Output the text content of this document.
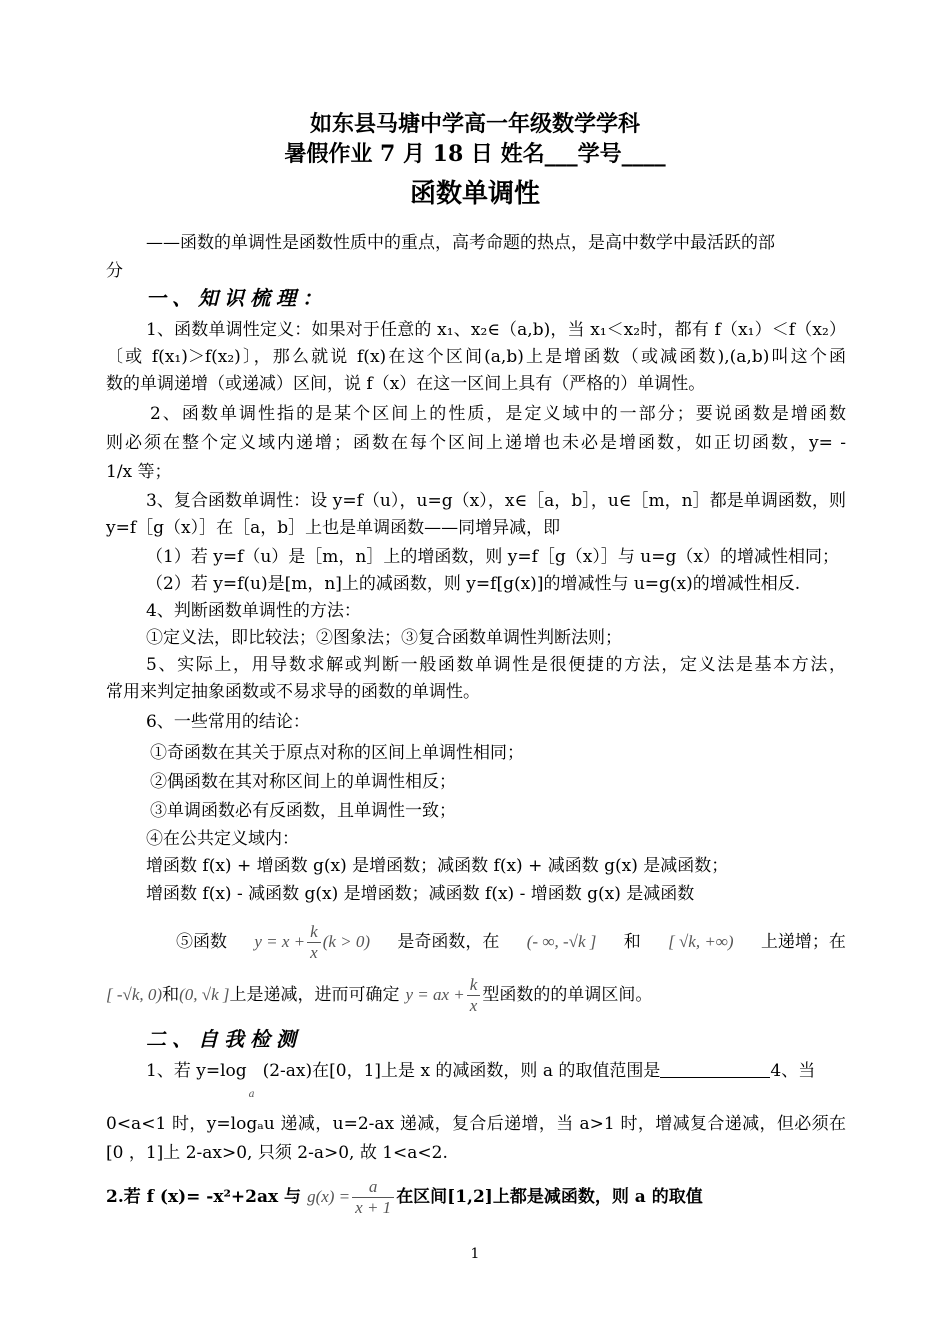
如东县马塘中学高一年级数学学科
暑假作业 7 月 18 日 姓名___学号____
函数单调性
——函数的单调性是函数性质中的重点，高考命题的热点，是高中数学中最活跃的部
分
一、知识梳理：
1、函数单调性定义：如果对于任意的 x₁、x₂∈（a,b)，当 x₁＜x₂时，都有 f（x₁）＜f（x₂）
〔或 f(x₁)＞f(x₂)〕，那么就说 f(x)在这个区间(a,b)上是增函数（或减函数),(a,b)叫这个函
数的单调递增（或递减）区间，说 f（x）在这一区间上具有（严格的）单调性。
2、函数单调性指的是某个区间上的性质，是定义域中的一部分；要说函数是增函数
则必须在整个定义域内递增；函数在每个区间上递增也未必是增函数，如正切函数，y= -
1/x 等；
3、复合函数单调性：设 y=f（u），u=g（x），x∈［a，b］，u∈［m，n］都是单调函数，则
y=f［g（x）］在［a，b］上也是单调函数——同增异减，即
（1）若 y=f（u）是［m，n］上的增函数，则 y=f［g（x）］与 u=g（x）的增减性相同；
（2）若 y=f(u)是[m，n]上的减函数，则 y=f[g(x)]的增减性与 u=g(x)的增减性相反.
4、判断函数单调性的方法：
①定义法，即比较法；②图象法；③复合函数单调性判断法则；
5、实际上，用导数求解或判断一般函数单调性是很便捷的方法，定义法是基本方法，
常用来判定抽象函数或不易求导的函数的单调性。
6、一些常用的结论：
①奇函数在其关于原点对称的区间上单调性相同；
②偶函数在其对称区间上的单调性相反；
③单调函数必有反函数，且单调性一致；
④在公共定义域内：
增函数 f(x) + 增函数 g(x) 是增函数；减函数 f(x) + 减函数 g(x) 是减函数；
增函数 f(x) - 减函数 g(x) 是增函数；减函数 f(x) - 增函数 g(x) 是减函数
⑤函数 $y = x + \frac{k}{x} (k > 0)$ 是奇函数，在 (- ∞, -√k ] 和 [ √k, +∞) 上递增；在
[ -√k, 0) 和 (0, √k ] 上是递减，进而可确定 y = ax + $\frac{k}{x}$ 型函数的的单调区间。
二、自我检测
1、若 y=log
a
(2-ax)在[0，1]上是 x 的减函数，则 a 的取值范围是	4、当
0<a<1 时，y=logₐu 递减，u=2-ax 递减，复合后递增，当 a>1 时，增减复合递减，但必须在
[0 ，1]上 2-ax>0, 只须 2-a>0, 故 1<a<2.
2.若 f (x)= -x²+2ax 与 $g(x) = \frac{a}{x + 1}$ 在区间[1,2]上都是减函数，则 a 的取值
1
